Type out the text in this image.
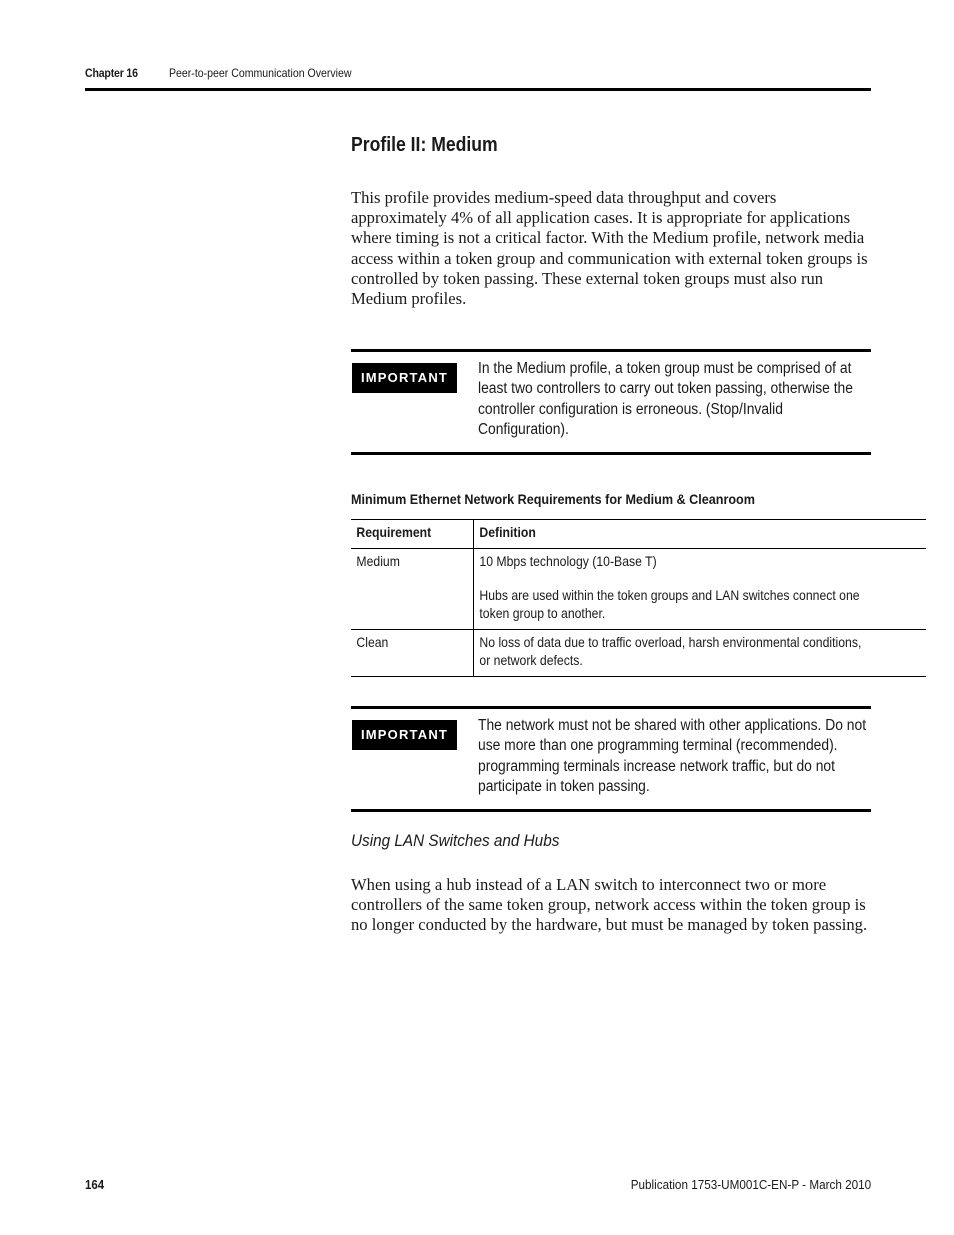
Chapter 16	Peer-to-peer Communication Overview
Profile II: Medium
This profile provides medium-speed data throughput and covers approximately 4% of all application cases. It is appropriate for applications where timing is not a critical factor. With the Medium profile, network media access within a token group and communication with external token groups is controlled by token passing. These external token groups must also run Medium profiles.
IMPORTANT
In the Medium profile, a token group must be comprised of at least two controllers to carry out token passing, otherwise the controller configuration is erroneous. (Stop/Invalid Configuration).
Minimum Ethernet Network Requirements for Medium & Cleanroom
Requirement	Definition

Medium	10 Mbps technology (10-Base T)
Hubs are used within the token groups and LAN switches connect one token group to another.

Clean	No loss of data due to traffic overload, harsh environmental conditions, or network defects.
IMPORTANT
The network must not be shared with other applications. Do not use more than one programming terminal (recommended). programming terminals increase network traffic, but do not participate in token passing.
Using LAN Switches and Hubs
When using a hub instead of a LAN switch to interconnect two or more controllers of the same token group, network access within the token group is no longer conducted by the hardware, but must be managed by token passing.
164	Publication 1753-UM001C-EN-P - March 2010
